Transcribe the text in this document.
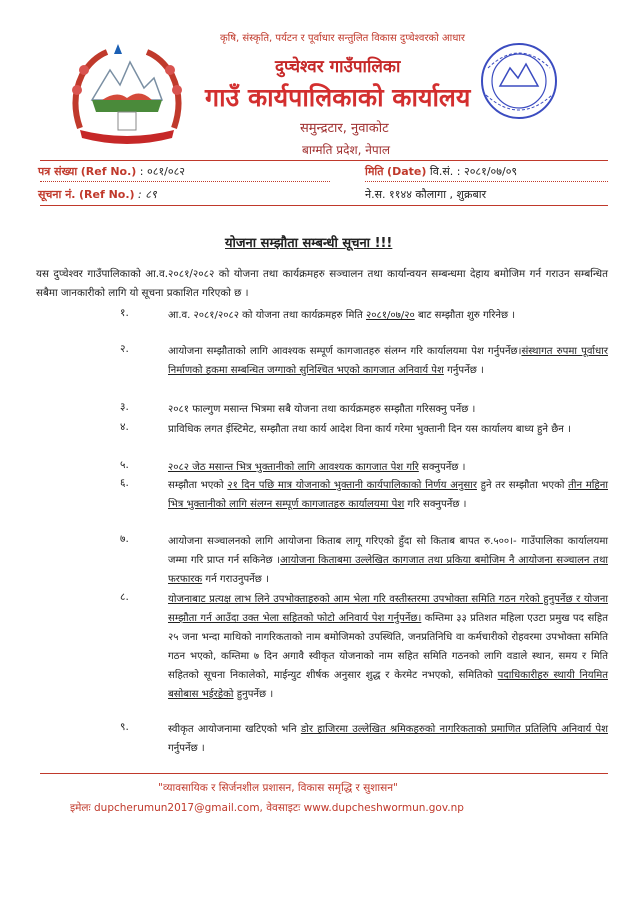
कृषि, संस्कृति, पर्यटन र पूर्वाधार सन्तुलित विकास दुप्चेश्वरको आधार
दुप्चेश्वर गाउँपालिका
गाउँ कार्यपालिकाको कार्यालय
समुन्द्रटार, नुवाकोट
बाग्मति प्रदेश, नेपाल
पत्र संख्या (Ref No.) : ०८१/०८२
सूचना नं. (Ref No.) : ८९
मिति (Date) वि.सं. : २०८१/०७/०९
ने.स. ११४४ कौलागा , शुक्रबार
योजना सम्झौता सम्बन्धी सूचना !!!
यस दुप्चेश्वर गाउँपालिकाको आ.व.२०८१/२०८२ को योजना तथा कार्यक्रमहरु सञ्चालन तथा कार्यान्वयन सम्बन्धमा देहाय बमोजिम गर्न गराउन सम्बन्धित सबैमा जानकारीको लागि यो सूचना प्रकाशित गरिएको छ ।
१.	आ.व. २०८१/२०८२ को योजना तथा कार्यक्रमहरु मिति २०८१/०७/२० बाट सम्झौता शुरु गरिनेछ ।
२.	आयोजना सम्झौताको लागि आवश्यक सम्पूर्ण कागजातहरु संलग्न गरि कार्यालयमा पेश गर्नुपर्नेछ।संस्थागत रुपमा पूर्वाधार निर्माणको हकमा सम्बन्धित जग्गाको सुनिश्चित भएको कागजात अनिवार्य पेश गर्नुपर्नेछ ।
३.	२०८१ फाल्गुण मसान्त भित्रमा सबै योजना तथा कार्यक्रमहरु सम्झौता गरिसक्नु पर्नेछ ।
४.	प्राविधिक लगत ईस्टिमेट, सम्झौता तथा कार्य आदेश विना कार्य गरेमा भुक्तानी दिन यस कार्यालय बाध्य हुने छैन ।
५.	२०८२ जेठ मसान्त भित्र भुक्तानीको लागि आवश्यक कागजात पेश गरि सक्नुपर्नेछ ।
६.	सम्झौता भएको २१ दिन पछि मात्र योजनाको भुक्तानी कार्यपालिकाको निर्णय अनुसार हुने तर सम्झौता भएको तीन महिना भित्र भुक्तानीको लागि संलग्न सम्पूर्ण कागजातहरु कार्यालयमा पेश गरि सक्नुपर्नेछ ।
७.	आयोजना सञ्चालनको लागि आयोजना किताब लागू गरिएको हुँदा सो किताब बापत रु.५००।- गाउँपालिका कार्यालयमा जम्मा गरि प्राप्त गर्न सकिनेछ ।आयोजना किताबमा उल्लेखित कागजात तथा प्रकिया बमोजिम नै आयोजना सञ्चालन तथा फरफारक गर्न गराउनुपर्नेछ ।
८.	योजनाबाट प्रत्यक्ष लाभ लिने उपभोक्ताहरुको आम भेला गरि वस्तीस्तरमा उपभोक्ता समिति गठन गरेको हुनुपर्नेछ र योजना सम्झौता गर्न आउँदा उक्त भेला सहितको फोटो अनिवार्य पेश गर्नुपर्नेछ। कम्तिमा ३३ प्रतिशत महिला एउटा प्रमुख पद सहित २५ जना भन्दा माथिको नागरिकताको नाम बमोजिमको उपस्थिति, जनप्रतिनिधि वा कर्मचारीको रोहवरमा उपभोक्ता समिति गठन भएको, कम्तिमा ७ दिन अगावै स्वीकृत योजनाको नाम सहित समिति गठनको लागि वडाले स्थान, समय र मिति सहितको सूचना निकालेको, माईन्युट शीर्षक अनुसार शुद्ध र केरमेट नभएको, समितिको पदाधिकारीहरु स्थायी नियमित बसोबास भईरहेको हुनुपर्नेछ ।
९.	स्वीकृत आयोजनामा खटिएको भनि डोर हाजिरमा उल्लेखित श्रमिकहरुको नागरिकताको प्रमाणित प्रतिलिपि अनिवार्य पेश गर्नुपर्नेछ ।
"व्यावसायिक र सिर्जनशील प्रशासन, विकास समृद्धि र सुशासन"
इमेलः dupcherumun2017@gmail.com, वेवसाइटः www.dupcheshwormun.gov.np
